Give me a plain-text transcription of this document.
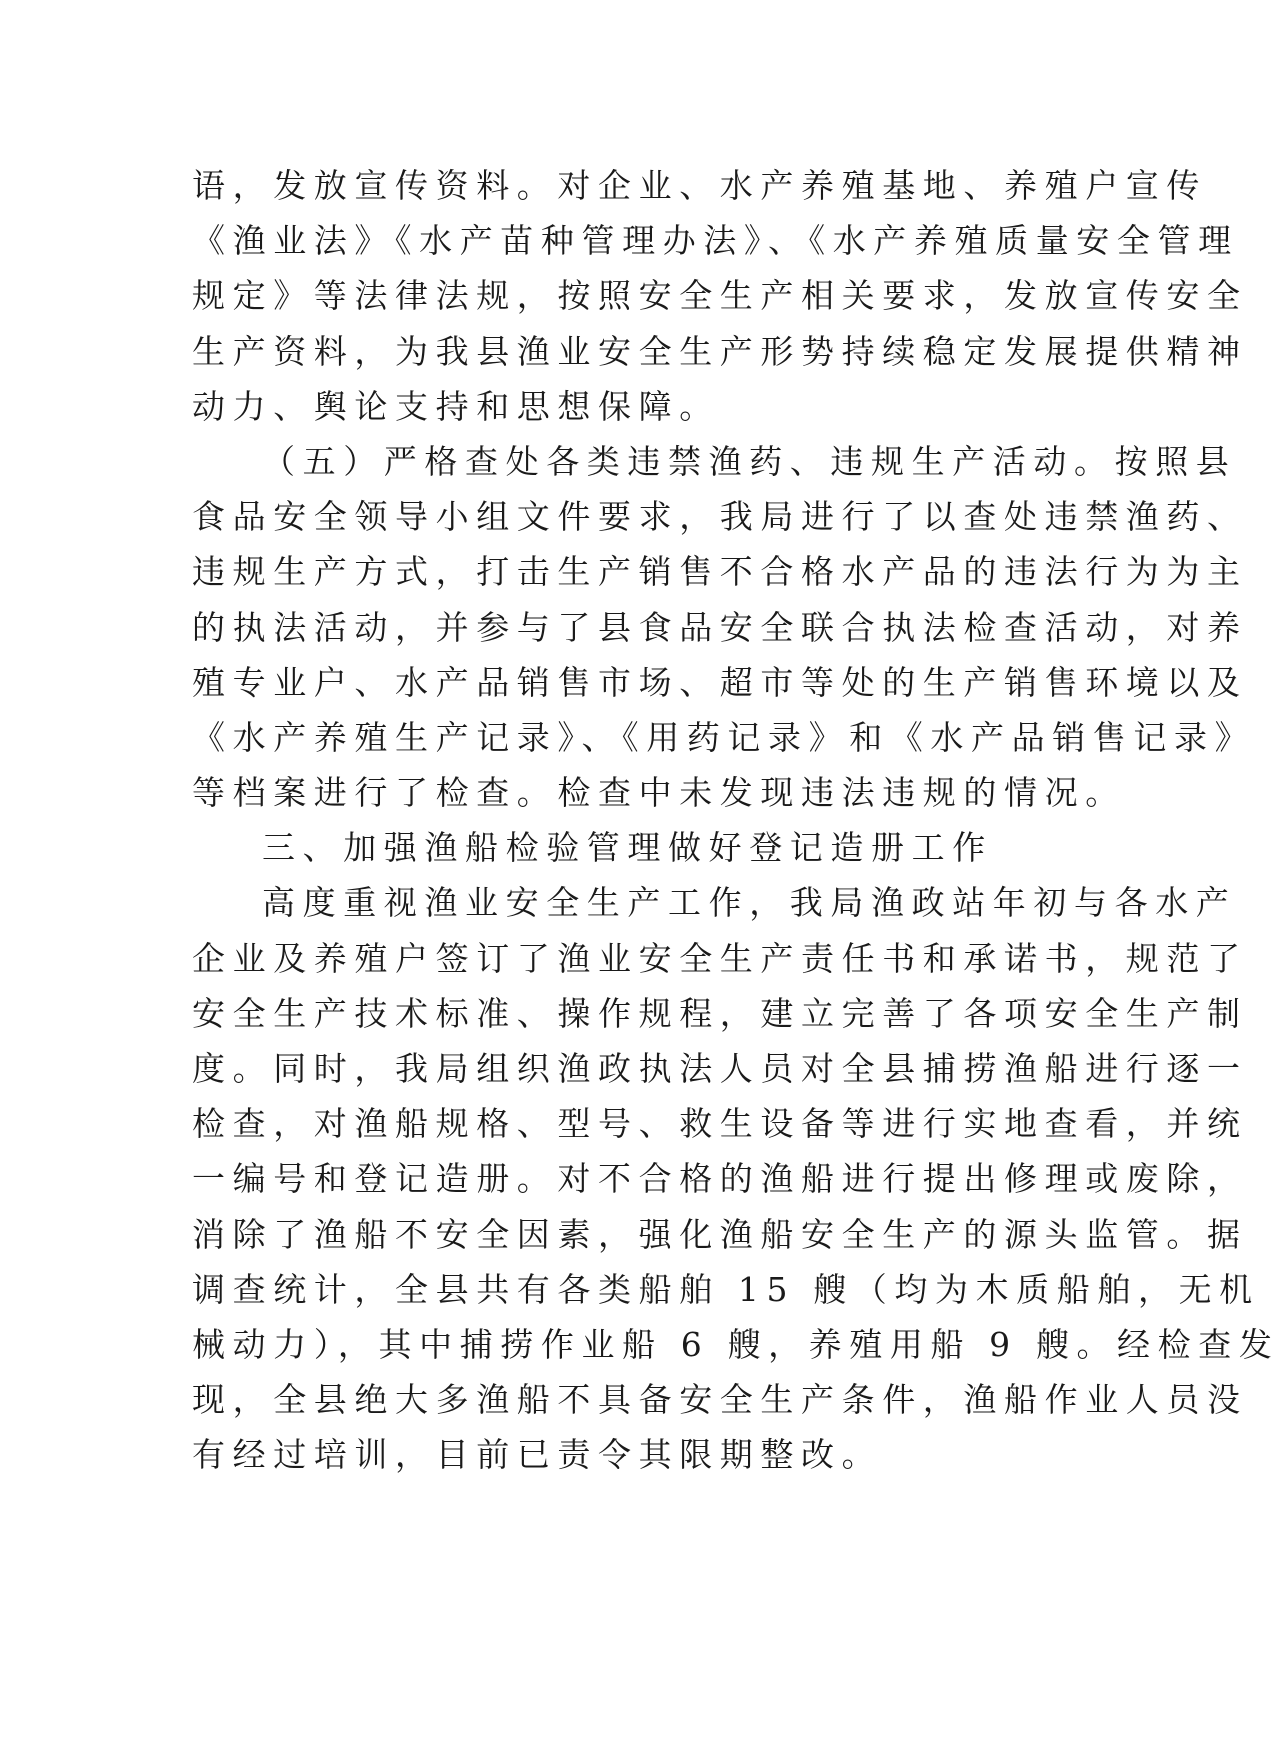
语，发放宣传资料。对企业、水产养殖基地、养殖户宣传
《渔业法》《水产苗种管理办法》、《水产养殖质量安全管理
规定》等法律法规，按照安全生产相关要求，发放宣传安全
生产资料，为我县渔业安全生产形势持续稳定发展提供精神
动力、舆论支持和思想保障。
（五）严格查处各类违禁渔药、违规生产活动。按照县
食品安全领导小组文件要求，我局进行了以查处违禁渔药、
违规生产方式，打击生产销售不合格水产品的违法行为为主
的执法活动，并参与了县食品安全联合执法检查活动，对养
殖专业户、水产品销售市场、超市等处的生产销售环境以及
《水产养殖生产记录》、《用药记录》和《水产品销售记录》
等档案进行了检查。检查中未发现违法违规的情况。
三、加强渔船检验管理做好登记造册工作
高度重视渔业安全生产工作，我局渔政站年初与各水产
企业及养殖户签订了渔业安全生产责任书和承诺书，规范了
安全生产技术标准、操作规程，建立完善了各项安全生产制
度。同时，我局组织渔政执法人员对全县捕捞渔船进行逐一
检查，对渔船规格、型号、救生设备等进行实地查看，并统
一编号和登记造册。对不合格的渔船进行提出修理或废除，
消除了渔船不安全因素，强化渔船安全生产的源头监管。据
调查统计，全县共有各类船舶 15 艘（均为木质船舶，无机
械动力），其中捕捞作业船 6 艘，养殖用船 9 艘。经检查发
现，全县绝大多渔船不具备安全生产条件，渔船作业人员没
有经过培训，目前已责令其限期整改。
